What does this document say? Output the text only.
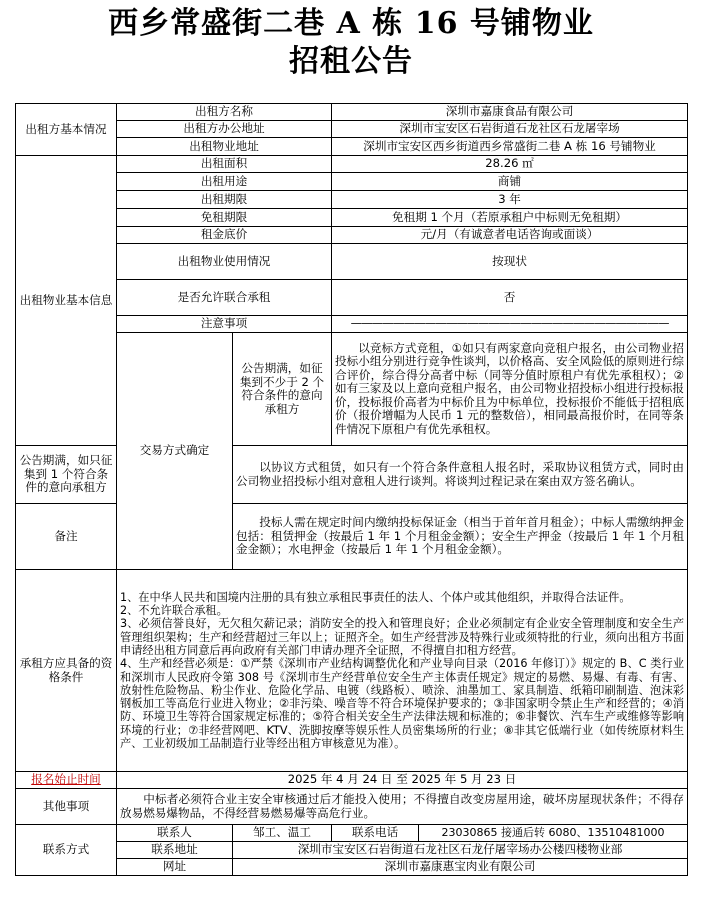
西乡常盛街二巷 A 栋 16 号铺物业
招租公告
出租方基本情况	出租方名称		深圳市嘉康食品有限公司	
	出租方办公地址		深圳市宝安区石岩街道石龙社区石龙屠宰场	
	出租物业地址		深圳市宝安区西乡街道西乡常盛街二巷 A 栋 16 号铺物业	
出租物业基本信息	出租面积		28.26 ㎡	
	出租用途		商铺	
	出租期限		3 年	
	免租期限		免租期 1 个月（若原承租户中标则无免租期）	
	租金底价		元/月（有诚意者电话咨询或面谈）	
	出租物业使用情况		按现状	
	是否允许联合承租		否	
	注意事项		——————————————————————————————	
	交易方式确定	公告期满，如征集到不少于 2 个符合条件的意向承租方	以竞标方式竞租，①如只有两家意向竞租户报名，由公司物业招投标小组分别进行竞争性谈判，以价格高、安全风险低的原则进行综合评价，综合得分高者中标（同等分值时原租户有优先承租权）；②如有三家及以上意向竞租户报名，由公司物业招投标小组进行投标报价，投标报价高者为中标价且为中标单位，投标报价不能低于招租底价（报价增幅为人民币 1 元的整数倍），相同最高报价时，在同等条件情况下原租户有优先承租权。	
公告期满，如只征集到 1 个符合条件的意向承租方		以协议方式租赁，如只有一个符合条件意租人报名时，采取协议租赁方式，同时由公司物业招投标小组对意租人进行谈判。将谈判过程记录在案由双方签名确认。		
备注		投标人需在规定时间内缴纳投标保证金（相当于首年首月租金）；中标人需缴纳押金包括：租赁押金（按最后 1 年 1 个月租金金额）；安全生产押金（按最后 1 年 1 个月租金金额）；水电押金（按最后 1 年 1 个月租金金额）。		
承租方应具备的资格条件	1、在中华人民共和国境内注册的具有独立承租民事责任的法人、个体户或其他组织，并取得合法证件。
2、不允许联合承租。
3、必须信誉良好，无欠租欠薪记录；消防安全的投入和管理良好；企业必须制定有企业安全管理制度和安全生产管理组织架构；生产和经营超过三年以上；证照齐全。如生产经营涉及特殊行业或须特批的行业，须向出租方书面申请经出租方同意后再向政府有关部门申请办理齐全证照，不得擅自扣租方经营。
4、生产和经营必须是：①严禁《深圳市产业结构调整优化和产业导向目录（2016 年修订）》规定的 B、C 类行业和深圳市人民政府令第 308 号《深圳市生产经营单位安全生产主体责任规定》规定的易燃、易爆、有毒、有害、放射性危险物品、粉尘作业、危险化学品、电镀（线路板）、喷涂、油墨加工、家具制造、纸箱印刷制造、泡沫彩钢板加工等高危行业进入物业；②非污染、噪音等不符合环境保护要求的；③非国家明令禁止生产和经营的；④消防、环境卫生等符合国家规定标准的；⑤符合相关安全生产法律法规和标准的；⑥非餐饮、汽车生产或维修等影响环境的行业；⑦非经营网吧、KTV、洗脚按摩等娱乐性人员密集场所的行业；⑧非其它低端行业（如传统原材料生产、工业初级加工品制造行业等经出租方审核意见为准）。			
报名始止时间	2025 年 4 月 24 日 至 2025 年 5 月 23 日			
其他事项	中标者必须符合业主安全审核通过后才能投入使用；不得擅自改变房屋用途，破坏房屋现状条件；不得存放易燃易爆物品，不得经营易燃易爆等高危行业。			
联系方式	联系人	邹工、温工	联系电话	23030865 接通后转 6080、13510481000
	联系地址	深圳市宝安区石岩街道石龙社区石龙仔屠宰场办公楼四楼物业部		
	网址	深圳市嘉康惠宝肉业有限公司		
